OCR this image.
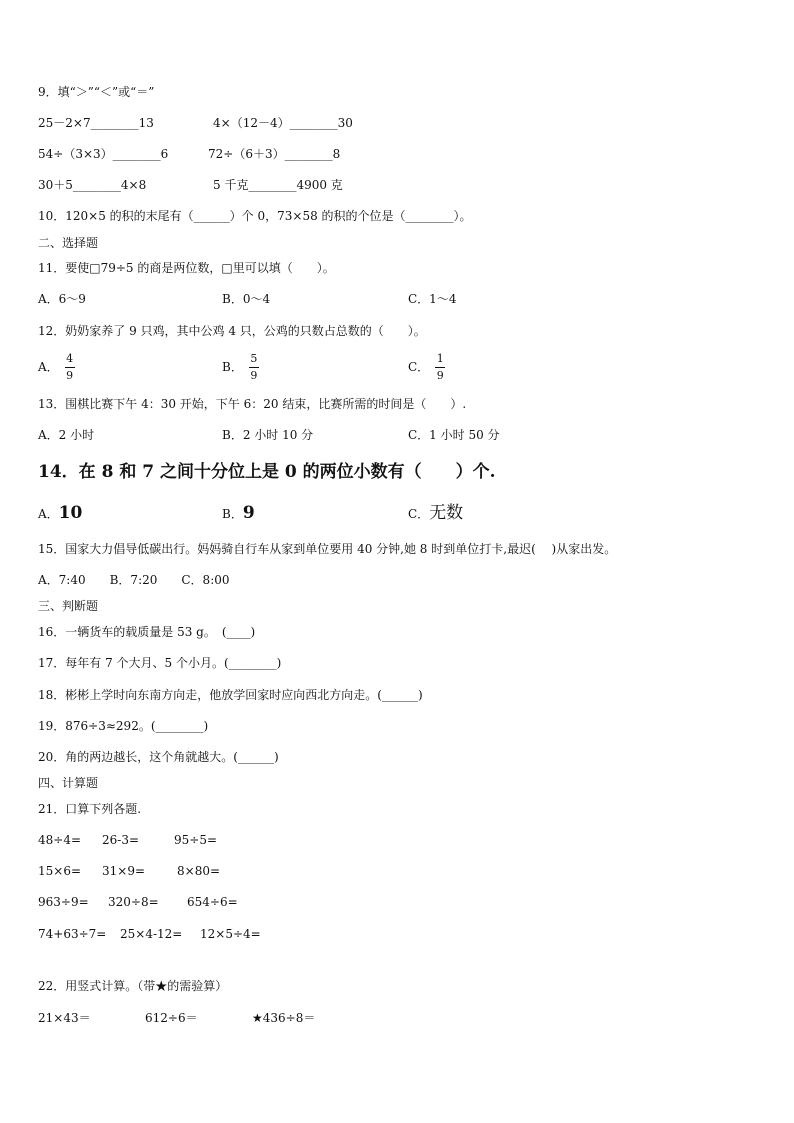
9．填“＞”“＜”或“＝”
25－2×7________13	4×（12－4）________30
54÷（3×3）________6	72÷（6＋3）________8
30＋5________4×8	5 千克________4900 克
10．120×5 的积的末尾有（______）个 0，73×58 的积的个位是（________）。
二、选择题
11．要使□79÷5 的商是两位数，□里可以填（　　）。
A．6～9	B．0～4	C．1～4
12．奶奶家养了 9 只鸡，其中公鸡 4 只，公鸡的只数占总数的（　　）。
A． $\frac{4}{9}$	B． $\frac{5}{9}$	C． $\frac{1}{9}$
13．围棋比赛下午 4：30 开始，下午 6：20 结束，比赛所需的时间是（　　）.
A．2 小时	B．2 小时 10 分	C．1 小时 50 分
14．在 8 和 7 之间十分位上是 0 的两位小数有（　　）个.
A．10	B．9	C．无数
15．国家大力倡导低碳出行。妈妈骑自行车从家到单位要用 40 分钟,她 8 时到单位打卡,最迟(　 )从家出发。
A．7:40　　B．7:20　　C．8:00
三、判断题
16．一辆货车的载质量是 53 g。　(____)
17．每年有 7 个大月、5 个小月。(________)
18．彬彬上学时向东南方向走，他放学回家时应向西北方向走。(______)
19．876÷3≈292。(________)
20．角的两边越长，这个角就越大。(______)
四、计算题
21．口算下列各题.
48÷4= 26-3=	95÷5=
15×6= 31×9=	8×80=
963÷9= 320÷8= 654÷6=
74+63÷7= 25×4-12= 12×5÷4=
22．用竖式计算。（带★的需验算）
21×43＝	612÷6＝	★436÷8＝
